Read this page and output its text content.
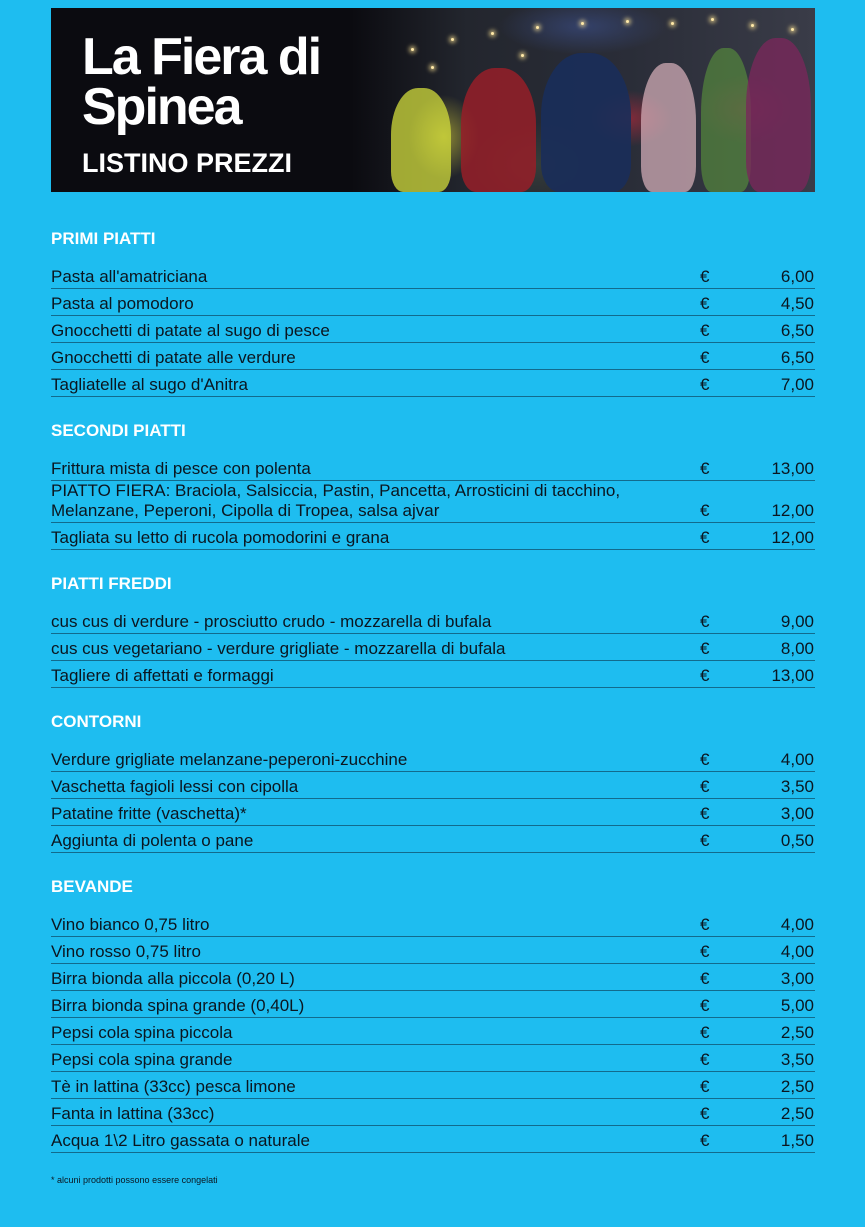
La Fiera di Spinea
LISTINO PREZZI
PRIMI PIATTI
Pasta all'amatriciana	€	6,00
Pasta al pomodoro	€	4,50
Gnocchetti di patate al sugo di pesce	€	6,50
Gnocchetti di patate alle verdure	€	6,50
Tagliatelle al sugo d'Anitra	€	7,00
SECONDI PIATTI
Frittura mista di pesce con polenta	€	13,00
PIATTO FIERA: Braciola, Salsiccia, Pastin, Pancetta, Arrosticini di tacchino, Melanzane, Peperoni, Cipolla di Tropea, salsa ajvar	€	12,00
Tagliata su letto di rucola pomodorini e grana	€	12,00
PIATTI FREDDI
cus cus di verdure - prosciutto crudo - mozzarella di bufala	€	9,00
cus cus vegetariano - verdure grigliate - mozzarella di bufala	€	8,00
Tagliere di affettati e formaggi	€	13,00
CONTORNI
Verdure grigliate melanzane-peperoni-zucchine	€	4,00
Vaschetta fagioli lessi con cipolla	€	3,50
Patatine fritte (vaschetta)*	€	3,00
Aggiunta di polenta o pane	€	0,50
BEVANDE
Vino bianco 0,75 litro	€	4,00
Vino rosso 0,75 litro	€	4,00
Birra bionda alla piccola (0,20 L)	€	3,00
Birra bionda spina grande (0,40L)	€	5,00
Pepsi cola spina piccola	€	2,50
Pepsi cola spina grande	€	3,50
Tè in lattina (33cc) pesca limone	€	2,50
Fanta in lattina (33cc)	€	2,50
Acqua 1\2 Litro gassata o naturale	€	1,50
* alcuni prodotti possono essere congelati
